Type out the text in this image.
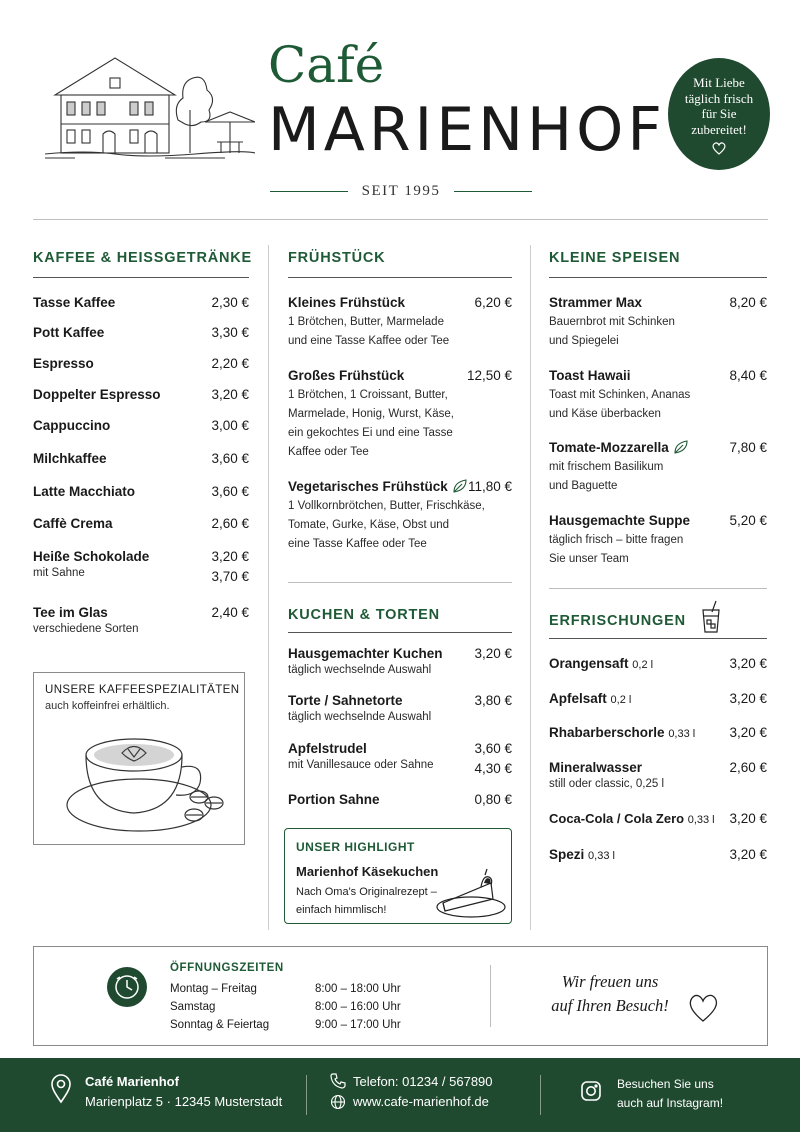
Café
MARIENHOF
SEIT 1995
Mit Liebe
täglich frisch
für Sie
zubereitet!
KAFFEE & HEISSGETRÄNKE
Tasse Kaffee	2,30 €
Pott Kaffee	3,30 €
Espresso	2,20 €
Doppelter Espresso	3,20 €
Cappuccino	3,00 €
Milchkaffee	3,60 €
Latte Macchiato	3,60 €
Caffè Crema	2,60 €
Heiße Schokolade	3,20 €
mit Sahne	3,70 €
Tee im Glas	2,40 €
verschiedene Sorten
UNSERE KAFFEESPEZIALITÄTEN
auch koffeinfrei erhältlich.
FRÜHSTÜCK
Kleines Frühstück	6,20 €
1 Brötchen, Butter, Marmelade
und eine Tasse Kaffee oder Tee
Großes Frühstück	12,50 €
1 Brötchen, 1 Croissant, Butter,
Marmelade, Honig, Wurst, Käse,
ein gekochtes Ei und eine Tasse
Kaffee oder Tee
Vegetarisches Frühstück	11,80 €
1 Vollkornbrötchen, Butter, Frischkäse,
Tomate, Gurke, Käse, Obst und
eine Tasse Kaffee oder Tee
KUCHEN & TORTEN
Hausgemachter Kuchen	3,20 €
täglich wechselnde Auswahl
Torte / Sahnetorte	3,80 €
täglich wechselnde Auswahl
Apfelstrudel	3,60 €
mit Vanillesauce oder Sahne	4,30 €
Portion Sahne	0,80 €
UNSER HIGHLIGHT
Marienhof Käsekuchen
Nach Oma's Originalrezept –
einfach himmlisch!
KLEINE SPEISEN
Strammer Max	8,20 €
Bauernbrot mit Schinken
und Spiegelei
Toast Hawaii	8,40 €
Toast mit Schinken, Ananas
und Käse überbacken
Tomate-Mozzarella	7,80 €
mit frischem Basilikum
und Baguette
Hausgemachte Suppe	5,20 €
täglich frisch – bitte fragen
Sie unser Team
ERFRISCHUNGEN
Orangensaft 0,2 l	3,20 €
Apfelsaft 0,2 l	3,20 €
Rhabarberschorle 0,33 l	3,20 €
Mineralwasser	2,60 €
still oder classic, 0,25 l
Coca-Cola / Cola Zero 0,33 l	3,20 €
Spezi 0,33 l	3,20 €
ÖFFNUNGSZEITEN
Montag – Freitag	8:00 – 18:00 Uhr
Samstag	8:00 – 16:00 Uhr
Sonntag & Feiertag	9:00 – 17:00 Uhr
Wir freuen uns
auf Ihren Besuch!
Café Marienhof
Marienplatz 5 · 12345 Musterstadt
Telefon: 01234 / 567890
www.cafe-marienhof.de
Besuchen Sie uns
auch auf Instagram!
